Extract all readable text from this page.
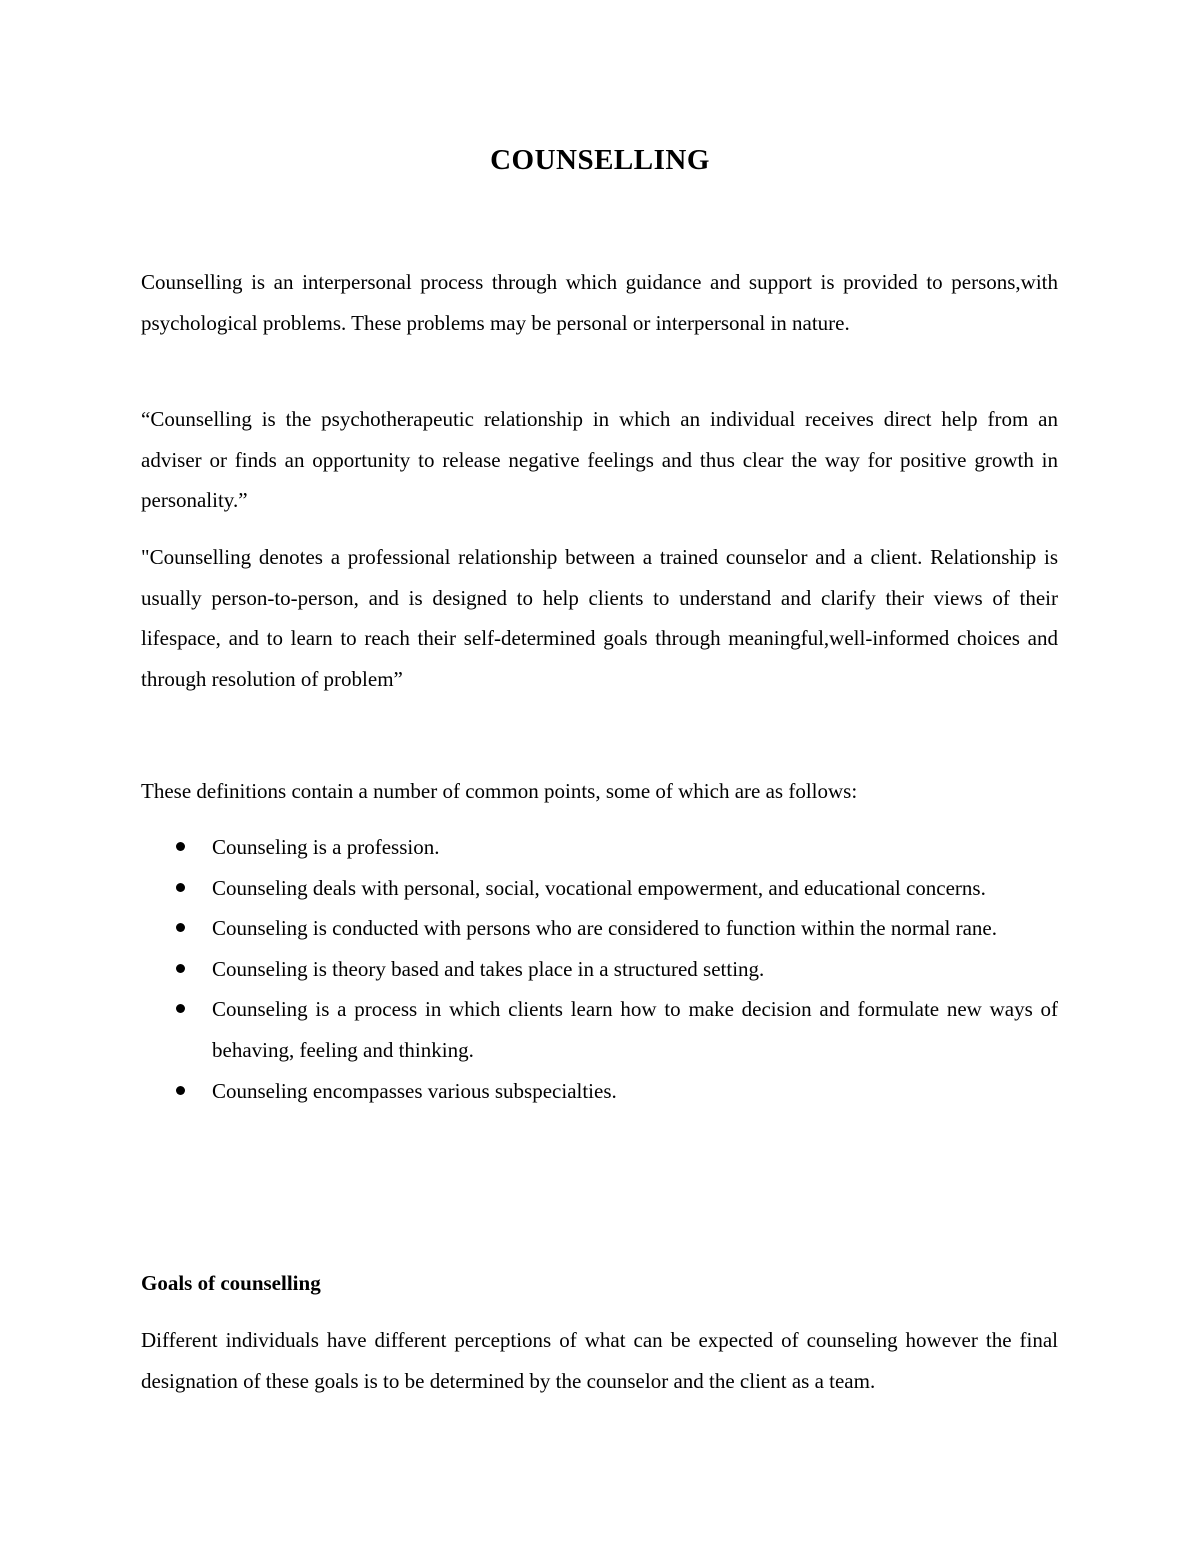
COUNSELLING

Counselling is an interpersonal process through which guidance and support is provided to persons,with psychological problems. These problems may be personal or interpersonal in nature.

“Counselling is the psychotherapeutic relationship in which an individual receives direct help from an adviser or finds an opportunity to release negative feelings and thus clear the way for positive growth in personality.”

"Counselling denotes a professional relationship between a trained counselor and a client. Relationship is usually person-to-person, and is designed to help clients to understand and clarify their views of their lifespace, and to learn to reach their self-determined goals through meaningful,well-informed choices and through resolution of problem”

These definitions contain a number of common points, some of which are as follows:

Counseling is a profession.
Counseling deals with personal, social, vocational empowerment, and educational concerns.
Counseling is conducted with persons who are considered to function within the normal rane.
Counseling is theory based and takes place in a structured setting.
Counseling is a process in which clients learn how to make decision and formulate new ways of behaving, feeling and thinking.
Counseling encompasses various subspecialties.
Goals of counselling

Different individuals have different perceptions of what can be expected of counseling however the final designation of these goals is to be determined by the counselor and the client as a team.
